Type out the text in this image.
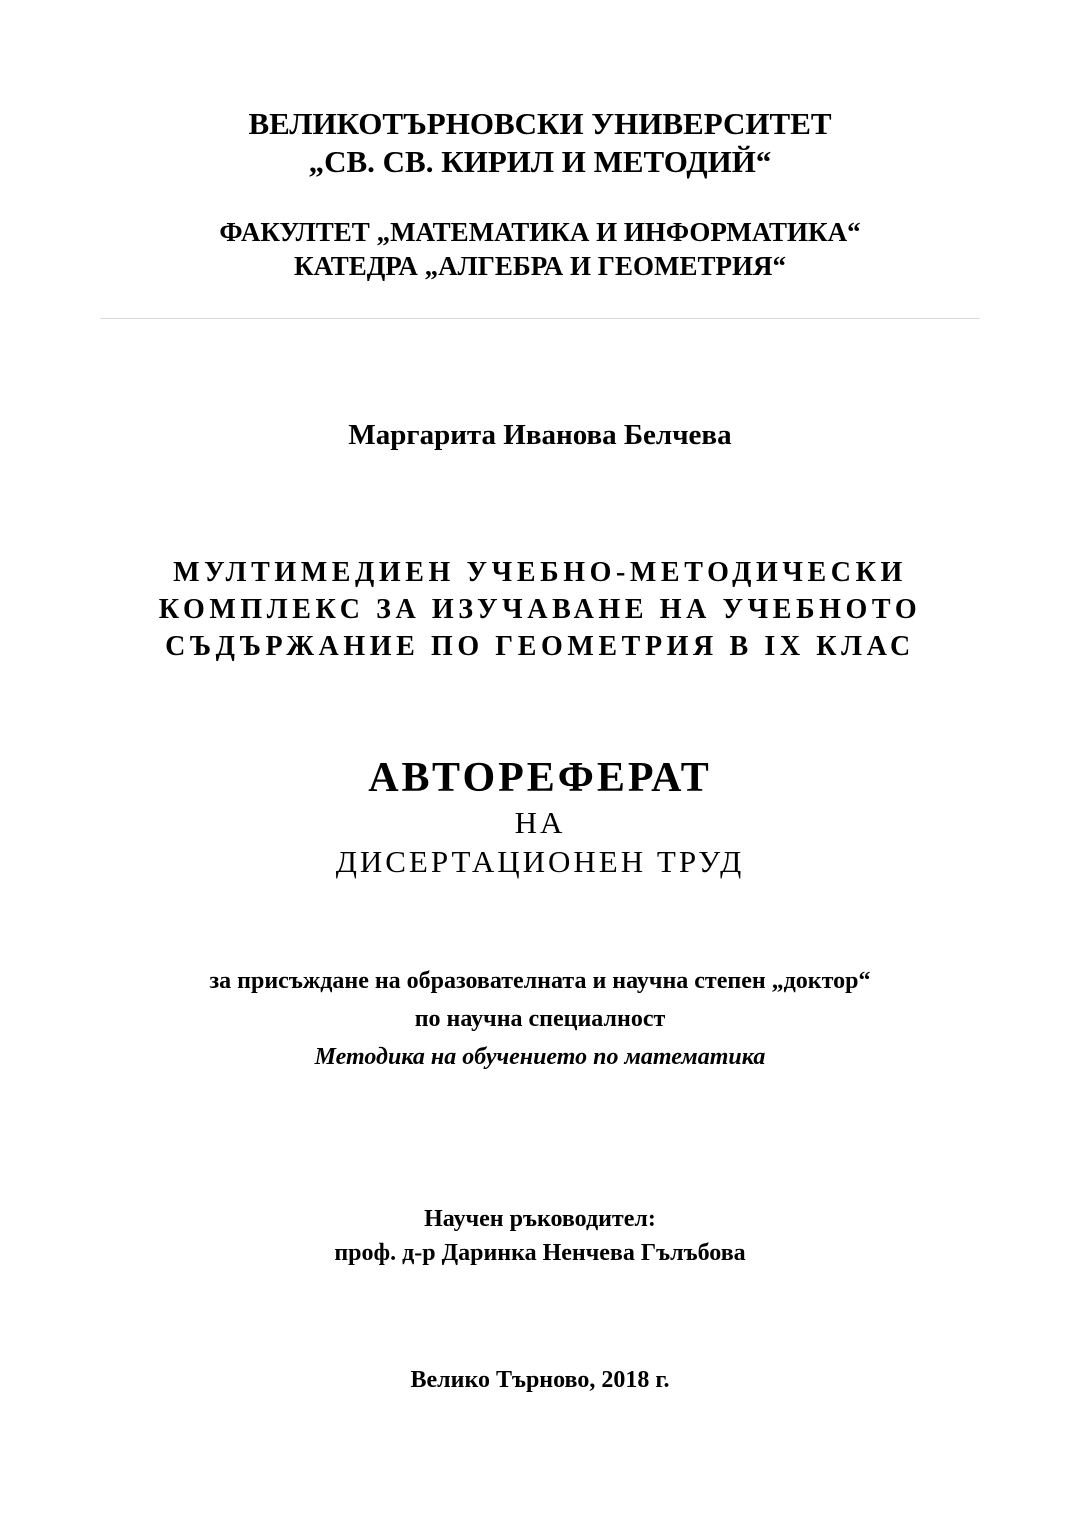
ВЕЛИКОТЪРНОВСКИ УНИВЕРСИТЕТ
„СВ. СВ. КИРИЛ И МЕТОДИЙ“
ФАКУЛТЕТ „МАТЕМАТИКА И ИНФОРМАТИКА“
КАТЕДРА „АЛГЕБРА И ГЕОМЕТРИЯ“
Маргарита Иванова Белчева
МУЛТИМЕДИЕН УЧЕБНО-МЕТОДИЧЕСКИ
КОМПЛЕКС ЗА ИЗУЧАВАНЕ НА УЧЕБНОТО
СЪДЪРЖАНИЕ ПО ГЕОМЕТРИЯ В IX КЛАС
АВТОРЕФЕРАТ
НА
ДИСЕРТАЦИОНЕН ТРУД
за присъждане на образователната и научна степен „доктор“
по научна специалност
Методика на обучението по математика
Научен ръководител:
проф. д-р Даринка Ненчева Гълъбова
Велико Търново, 2018 г.
